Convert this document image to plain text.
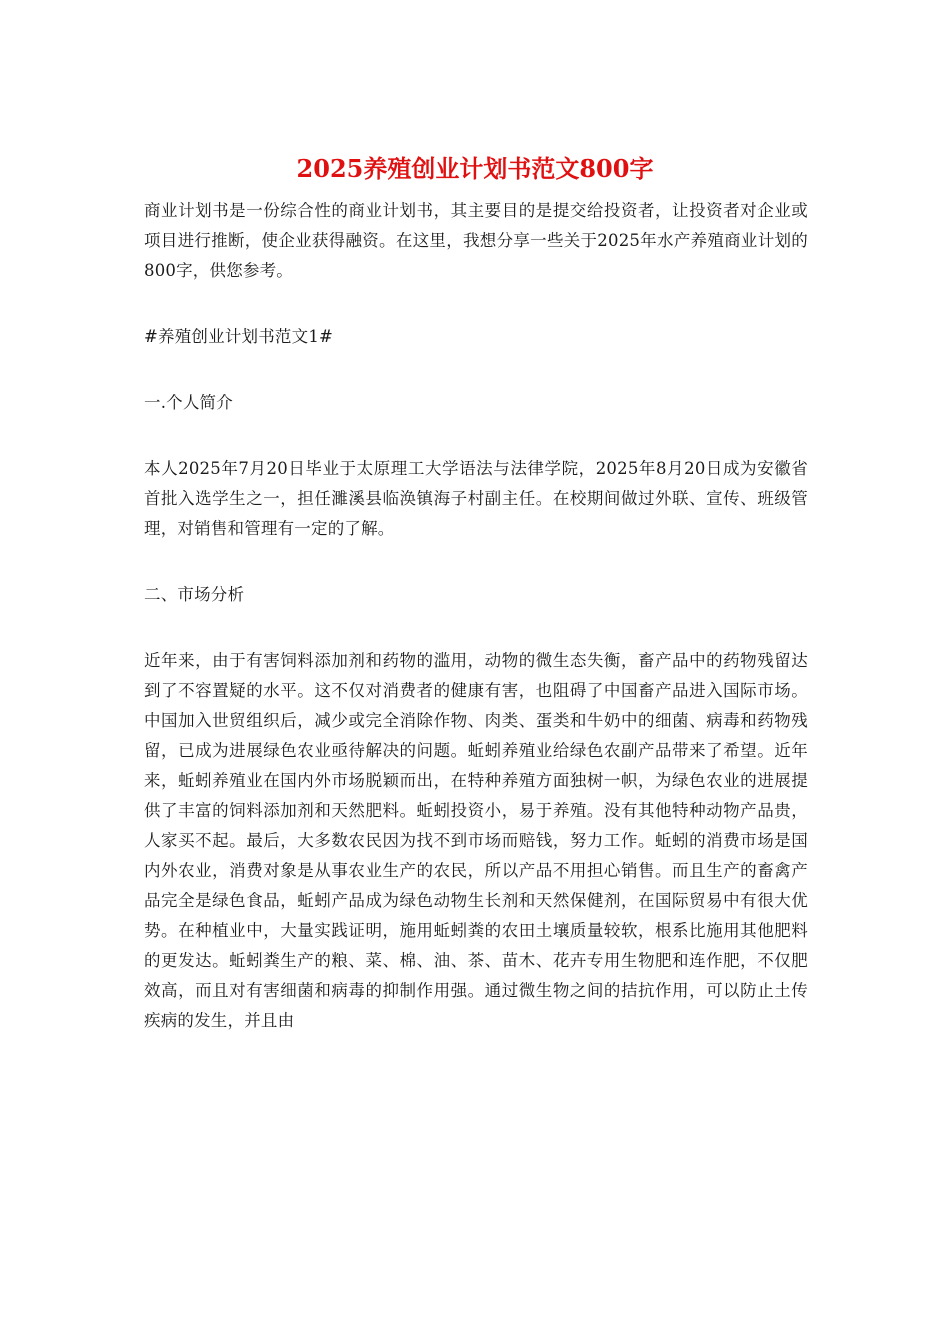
2025养殖创业计划书范文800字

商业计划书是一份综合性的商业计划书，其主要目的是提交给投资者，让投资者对企业或项目进行推断，使企业获得融资。在这里，我想分享一些关于2025年水产养殖商业计划的800字，供您参考。

#养殖创业计划书范文1#

一.个人简介

本人2025年7月20日毕业于太原理工大学语法与法律学院，2025年8月20日成为安徽省首批入选学生之一，担任濉溪县临涣镇海子村副主任。在校期间做过外联、宣传、班级管理，对销售和管理有一定的了解。

二、市场分析

近年来，由于有害饲料添加剂和药物的滥用，动物的微生态失衡，畜产品中的药物残留达到了不容置疑的水平。这不仅对消费者的健康有害，也阻碍了中国畜产品进入国际市场。中国加入世贸组织后，减少或完全消除作物、肉类、蛋类和牛奶中的细菌、病毒和药物残留，已成为进展绿色农业亟待解决的问题。蚯蚓养殖业给绿色农副产品带来了希望。近年来，蚯蚓养殖业在国内外市场脱颖而出，在特种养殖方面独树一帜，为绿色农业的进展提供了丰富的饲料添加剂和天然肥料。蚯蚓投资小，易于养殖。没有其他特种动物产品贵，人家买不起。最后，大多数农民因为找不到市场而赔钱，努力工作。蚯蚓的消费市场是国内外农业，消费对象是从事农业生产的农民，所以产品不用担心销售。而且生产的畜禽产品完全是绿色食品，蚯蚓产品成为绿色动物生长剂和天然保健剂，在国际贸易中有很大优势。在种植业中，大量实践证明，施用蚯蚓粪的农田土壤质量较软，根系比施用其他肥料的更发达。蚯蚓粪生产的粮、菜、棉、油、茶、苗木、花卉专用生物肥和连作肥，不仅肥效高，而且对有害细菌和病毒的抑制作用强。通过微生物之间的拮抗作用，可以防止土传疾病的发生，并且由
